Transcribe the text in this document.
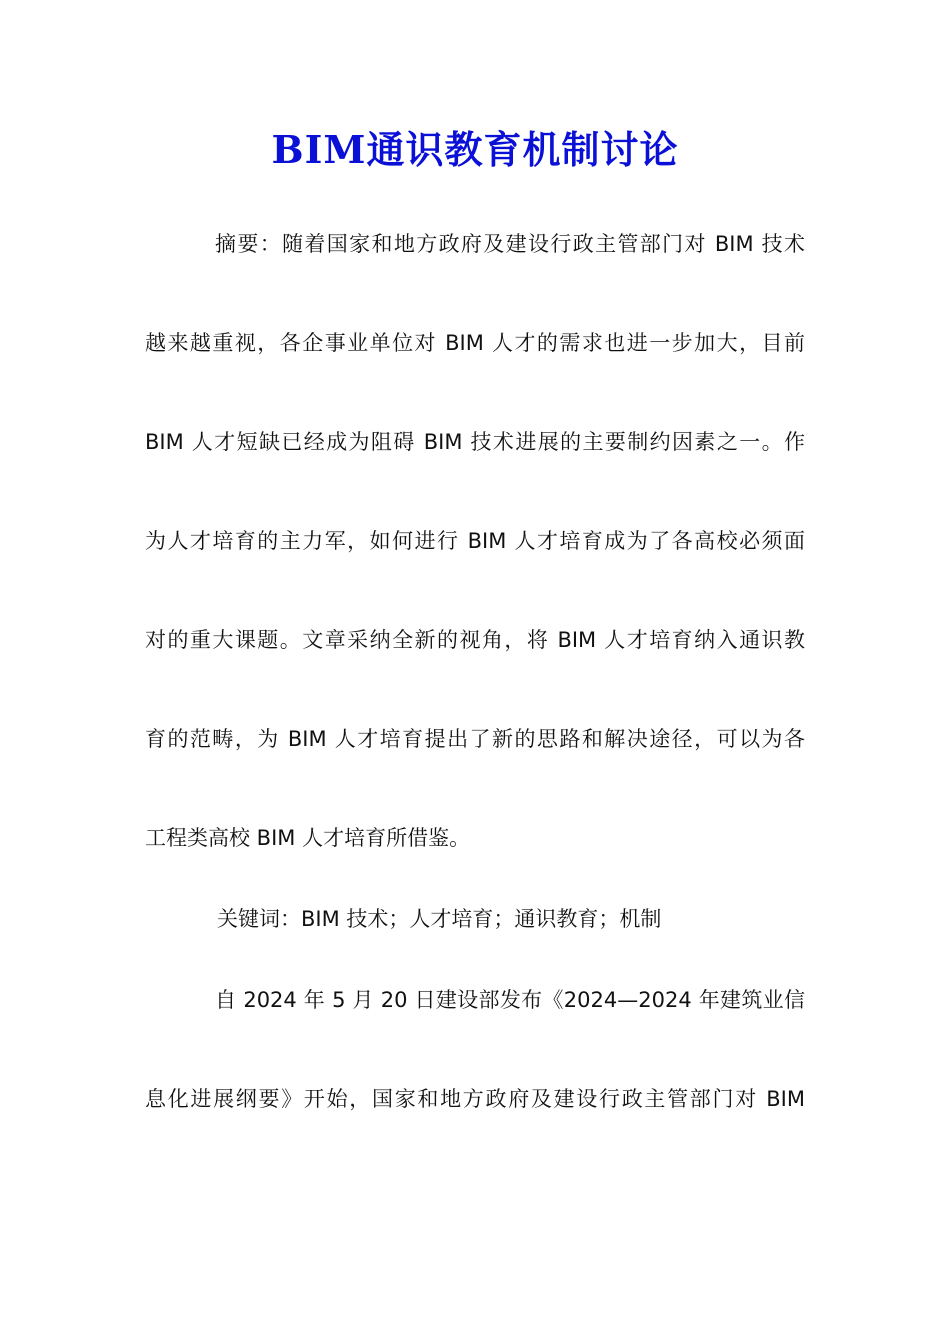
BIM通识教育机制讨论
摘要：随着国家和地方政府及建设行政主管部门对 BIM 技术
越来越重视，各企事业单位对 BIM 人才的需求也进一步加大，目前
BIM 人才短缺已经成为阻碍 BIM 技术进展的主要制约因素之一。作
为人才培育的主力军，如何进行 BIM 人才培育成为了各高校必须面
对的重大课题。文章采纳全新的视角，将 BIM 人才培育纳入通识教
育的范畴，为 BIM 人才培育提出了新的思路和解决途径，可以为各
工程类高校 BIM 人才培育所借鉴。
关键词：BIM 技术；人才培育；通识教育；机制
自 2024 年 5 月 20 日建设部发布《2024—2024 年建筑业信
息化进展纲要》开始，国家和地方政府及建设行政主管部门对 BIM
